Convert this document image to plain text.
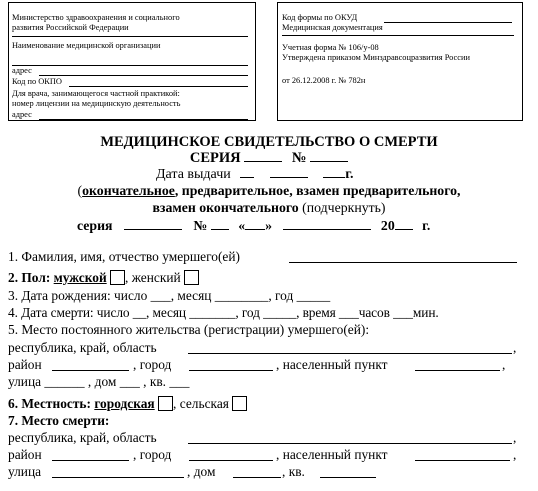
Министерство здравоохранения и социального
развития Российской Федерации
Наименование медицинской организации
адрес
Код по ОКПО
Для врача, занимающегося частной практикой:
номер лицензии на медицинскую деятельность
адрес
Код формы по ОКУД
Медицинская документация
Учетная форма № 106/у-08
Утверждена приказом Минздравсоцразвития России
от 26.12.2008 г. № 782н
МЕДИЦИНСКОЕ СВИДЕТЕЛЬСТВО О СМЕРТИ
СЕРИЯ	№
Дата выдачи	г.
(окончательное, предварительное, взамен предварительного,
взамен окончательного (подчеркнуть)
серия	№ « »	20 г.
1. Фамилия, имя, отчество умершего(ей)
2. Пол: мужской , женский
3. Дата рождения: число ___, месяц ________, год _____
4. Дата смерти: число __, месяц _______, год _____, время ___часов ___мин.
5. Место постоянного жительства (регистрации) умершего(ей):
республика, край, область	,
район	, город	, населенный пункт	,
улица ______ , дом ___ , кв. ___
6. Местность: городская , сельская
7. Место смерти:
республика, край, область	,
район	, город	, населенный пункт	,
улица	, дом	, кв.
